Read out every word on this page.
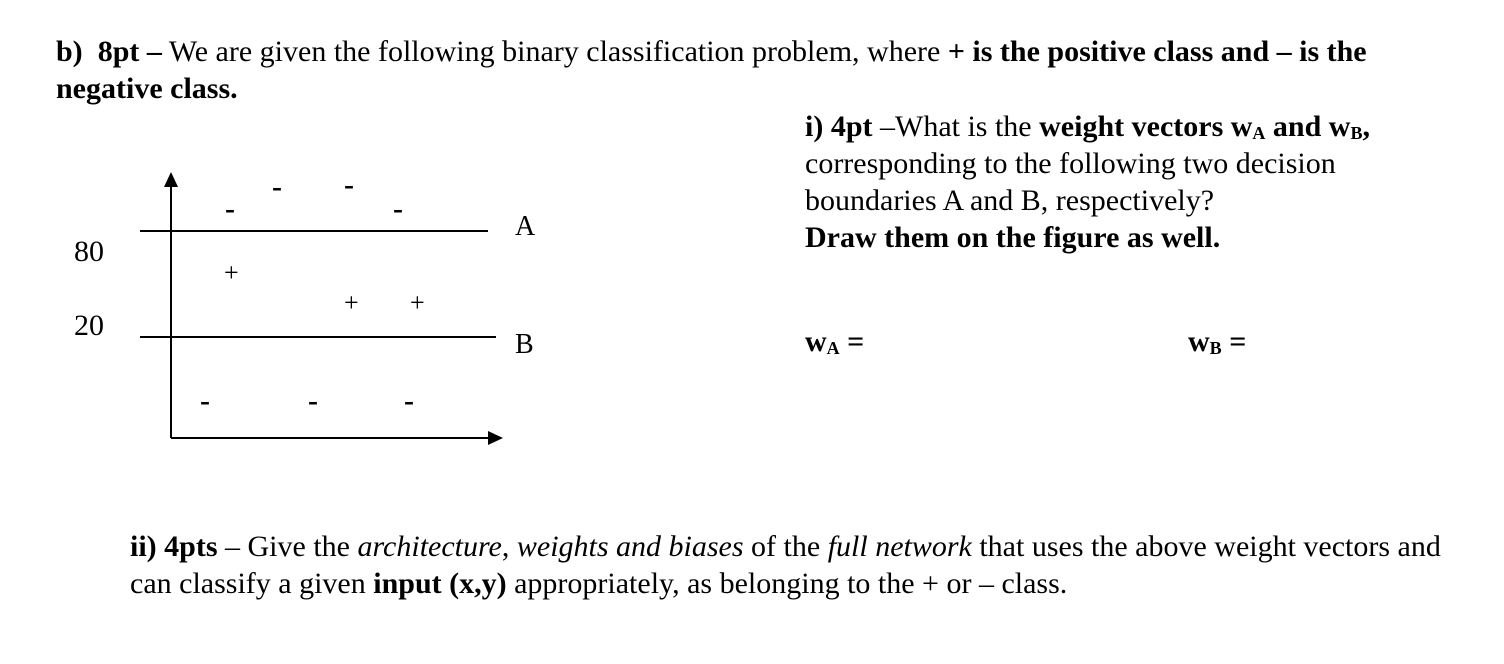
b) 8pt – We are given the following binary classification problem, where + is the positive class and – is the negative class.
i) 4pt –What is the weight vectors $w_A$ and $w_B$, corresponding to the following two decision boundaries A and B, respectively?
Draw them on the figure as well.
$w_A$ =	$w_B$ =
ii) 4pts – Give the architecture, weights and biases of the full network that uses the above weight vectors and can classify a given input (x,y) appropriately, as belonging to the + or – class.
80
20
A
B
-
- -
-
+
+ +
-	-	-
